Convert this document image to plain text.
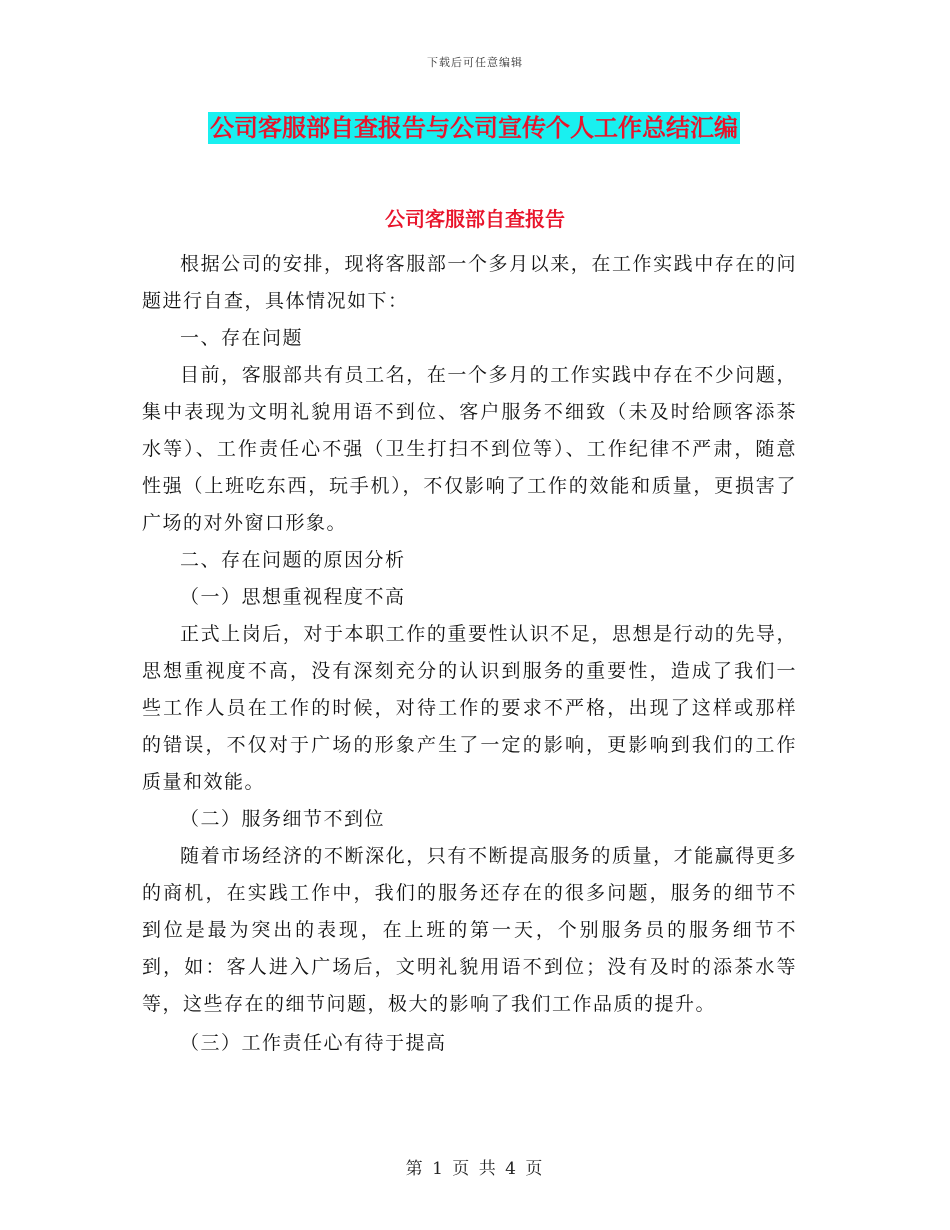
下载后可任意编辑
公司客服部自查报告与公司宣传个人工作总结汇编
公司客服部自查报告

根据公司的安排，现将客服部一个多月以来，在工作实践中存在的问题进行自查，具体情况如下：

一、存在问题

目前，客服部共有员工名，在一个多月的工作实践中存在不少问题，集中表现为文明礼貌用语不到位、客户服务不细致（未及时给顾客添茶水等）、工作责任心不强（卫生打扫不到位等）、工作纪律不严肃，随意性强（上班吃东西，玩手机），不仅影响了工作的效能和质量，更损害了广场的对外窗口形象。

二、存在问题的原因分析

（一）思想重视程度不高

正式上岗后，对于本职工作的重要性认识不足，思想是行动的先导，思想重视度不高，没有深刻充分的认识到服务的重要性，造成了我们一些工作人员在工作的时候，对待工作的要求不严格，出现了这样或那样的错误，不仅对于广场的形象产生了一定的影响，更影响到我们的工作质量和效能。

（二）服务细节不到位

随着市场经济的不断深化，只有不断提高服务的质量，才能赢得更多的商机，在实践工作中，我们的服务还存在的很多问题，服务的细节不到位是最为突出的表现，在上班的第一天，个别服务员的服务细节不到，如：客人进入广场后，文明礼貌用语不到位；没有及时的添茶水等等，这些存在的细节问题，极大的影响了我们工作品质的提升。

（三）工作责任心有待于提高

第 1 页 共 4 页
